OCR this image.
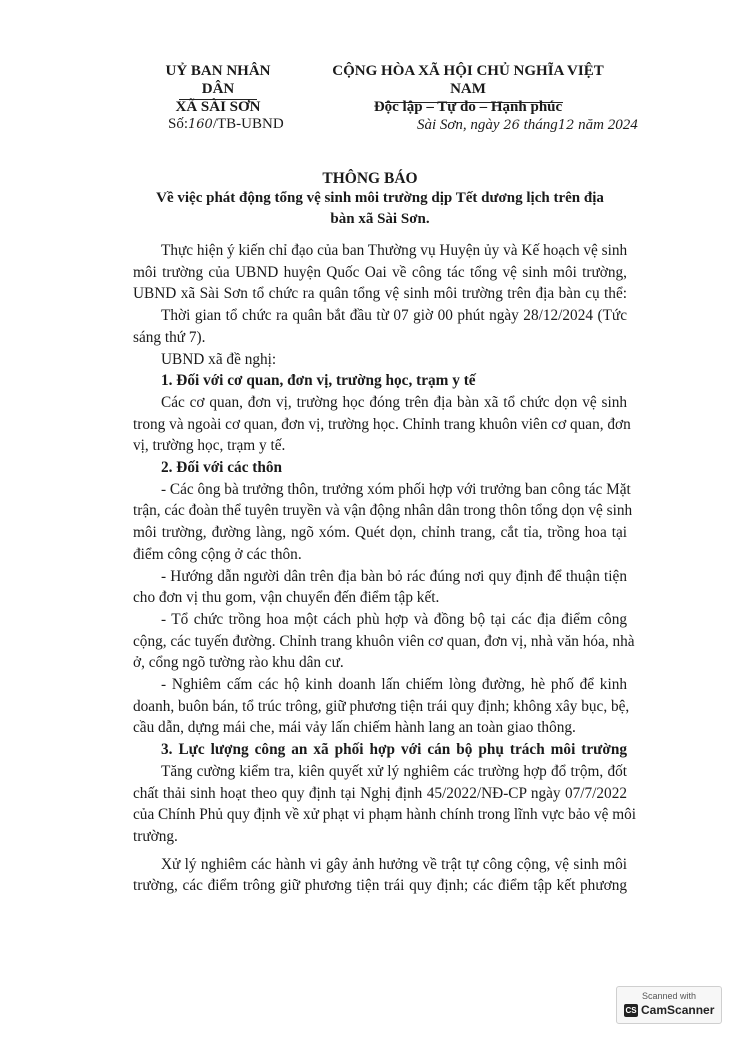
UỶ BAN NHÂN DÂN
XÃ SÀI SƠN
CỘNG HÒA XÃ HỘI CHỦ NGHĨA VIỆT NAM
Độc lập – Tự do – Hạnh phúc
Số:160/TB-UBND	Sài Sơn, ngày 26 tháng12 năm 2024
THÔNG BÁO
Về việc phát động tổng vệ sinh môi trường dịp Tết dương lịch trên địa
bàn xã Sài Sơn.
Thực hiện ý kiến chỉ đạo của ban Thường vụ Huyện ủy và Kế hoạch vệ sinh
môi trường của UBND huyện Quốc Oai về công tác tổng vệ sinh môi trường,
UBND xã Sài Sơn tổ chức ra quân tổng vệ sinh môi trường trên địa bàn cụ thể:
Thời gian tổ chức ra quân bắt đầu từ 07 giờ 00 phút ngày 28/12/2024 (Tức
sáng thứ 7).
UBND xã đề nghị:
1. Đối với cơ quan, đơn vị, trường học, trạm y tế
Các cơ quan, đơn vị, trường học đóng trên địa bàn xã tổ chức dọn vệ sinh
trong và ngoài cơ quan, đơn vị, trường học. Chỉnh trang khuôn viên cơ quan, đơn
vị, trường học, trạm y tế.
2. Đối với các thôn
- Các ông bà trưởng thôn, trưởng xóm phối hợp với trưởng ban công tác Mặt
trận, các đoàn thể tuyên truyền và vận động nhân dân trong thôn tổng dọn vệ sinh
môi trường, đường làng, ngõ xóm. Quét dọn, chỉnh trang, cắt tỉa, trồng hoa tại
điểm công cộng ở các thôn.
- Hướng dẫn người dân trên địa bàn bỏ rác đúng nơi quy định để thuận tiện
cho đơn vị thu gom, vận chuyển đến điểm tập kết.
- Tổ chức trồng hoa một cách phù hợp và đồng bộ tại các địa điểm công
cộng, các tuyến đường. Chỉnh trang khuôn viên cơ quan, đơn vị, nhà văn hóa, nhà
ở, cổng ngõ tường rào khu dân cư.
- Nghiêm cấm các hộ kinh doanh lấn chiếm lòng đường, hè phố để kinh
doanh, buôn bán, tổ trúc trông, giữ phương tiện trái quy định; không xây bục, bệ,
cầu dẫn, dựng mái che, mái vảy lấn chiếm hành lang an toàn giao thông.
3. Lực lượng công an xã phối hợp với cán bộ phụ trách môi trường
Tăng cường kiểm tra, kiên quyết xử lý nghiêm các trường hợp đổ trộm, đốt
chất thải sinh hoạt theo quy định tại Nghị định 45/2022/NĐ-CP ngày 07/7/2022
của Chính Phủ quy định về xử phạt vi phạm hành chính trong lĩnh vực bảo vệ môi
trường.
Xử lý nghiêm các hành vi gây ảnh hưởng về trật tự công cộng, vệ sinh môi
trường, các điểm trông giữ phương tiện trái quy định; các điểm tập kết phương
Scanned with
CS CamScanner
